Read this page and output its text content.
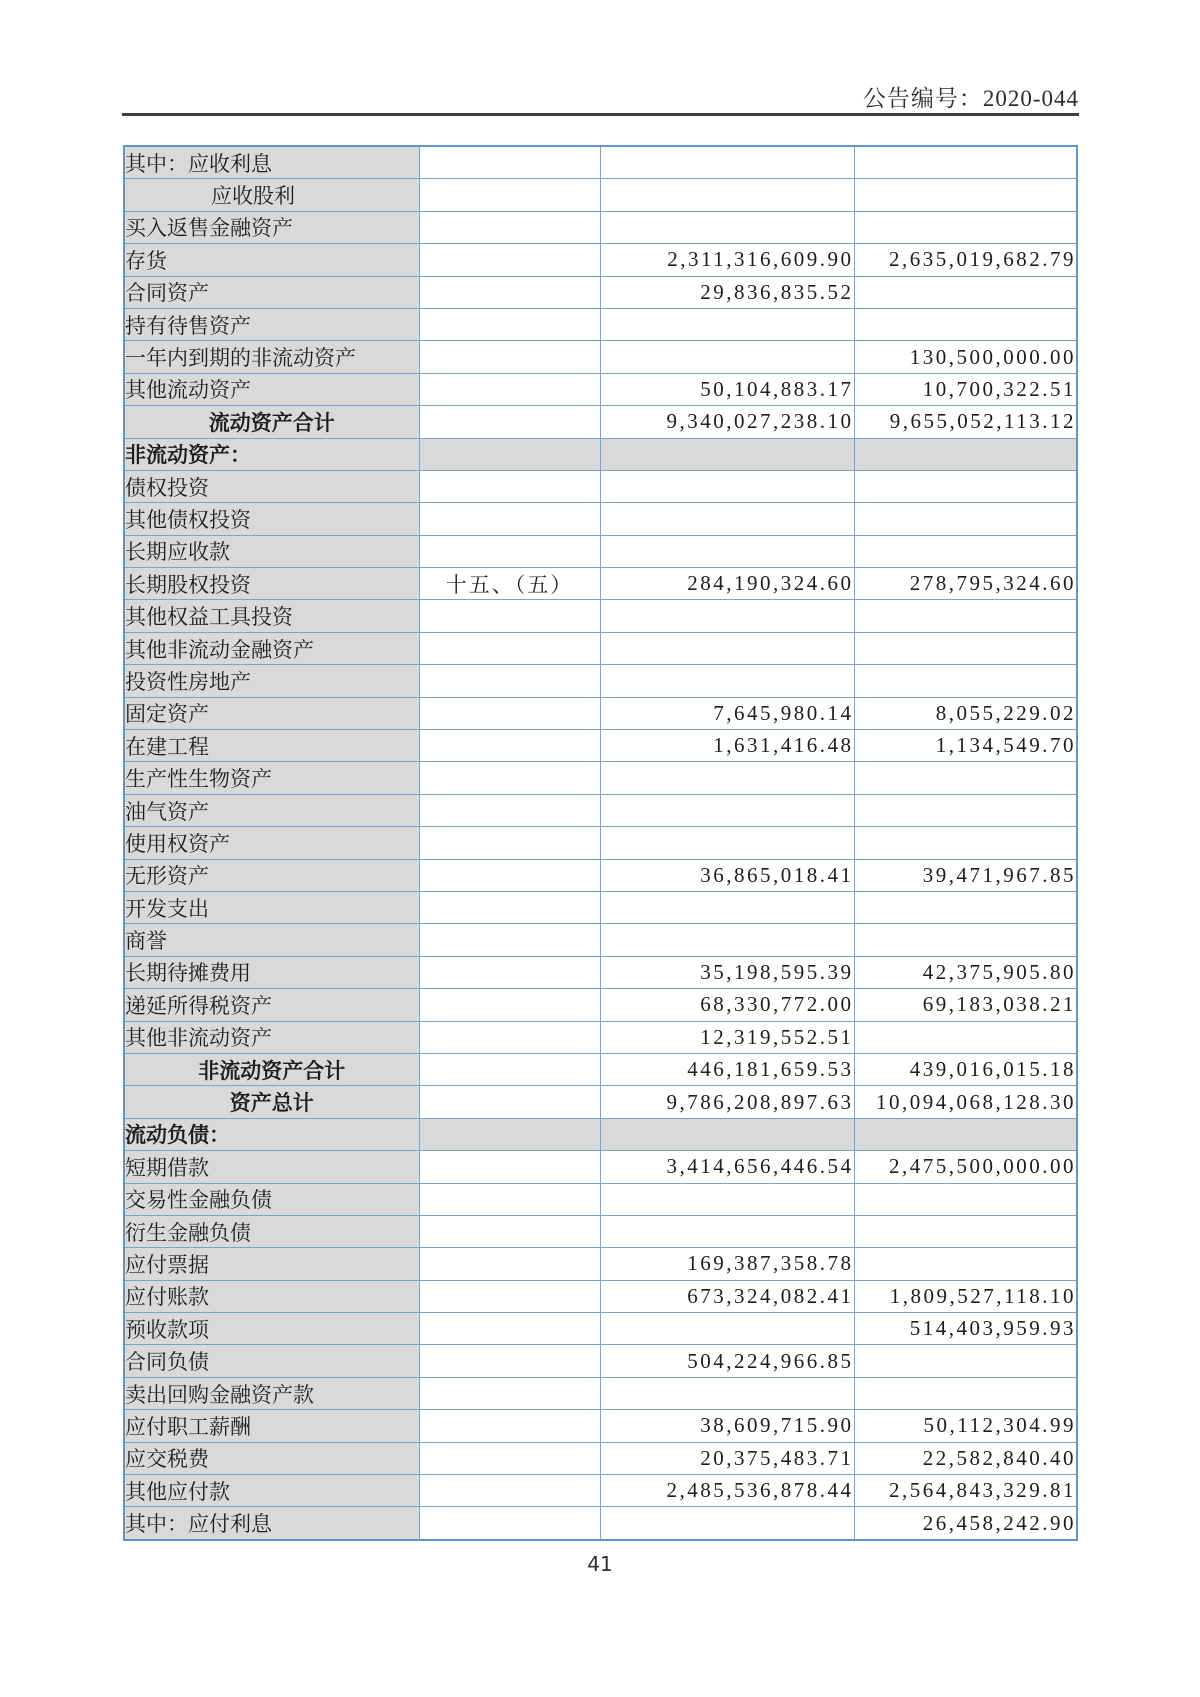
公告编号：2020-044
其中：应收利息			
应收股利			
买入返售金融资产			
存货		2,311,316,609.90	2,635,019,682.79
合同资产		29,836,835.52	
持有待售资产			
一年内到期的非流动资产			130,500,000.00
其他流动资产		50,104,883.17	10,700,322.51
流动资产合计		9,340,027,238.10	9,655,052,113.12
非流动资产：			
债权投资			
其他债权投资			
长期应收款			
长期股权投资	十五、（五）	284,190,324.60	278,795,324.60
其他权益工具投资			
其他非流动金融资产			
投资性房地产			
固定资产		7,645,980.14	8,055,229.02
在建工程		1,631,416.48	1,134,549.70
生产性生物资产			
油气资产			
使用权资产			
无形资产		36,865,018.41	39,471,967.85
开发支出			
商誉			
长期待摊费用		35,198,595.39	42,375,905.80
递延所得税资产		68,330,772.00	69,183,038.21
其他非流动资产		12,319,552.51	
非流动资产合计		446,181,659.53	439,016,015.18
资产总计		9,786,208,897.63	10,094,068,128.30
流动负债：			
短期借款		3,414,656,446.54	2,475,500,000.00
交易性金融负债			
衍生金融负债			
应付票据		169,387,358.78	
应付账款		673,324,082.41	1,809,527,118.10
预收款项			514,403,959.93
合同负债		504,224,966.85	
卖出回购金融资产款			
应付职工薪酬		38,609,715.90	50,112,304.99
应交税费		20,375,483.71	22,582,840.40
其他应付款		2,485,536,878.44	2,564,843,329.81
其中：应付利息			26,458,242.90
41
